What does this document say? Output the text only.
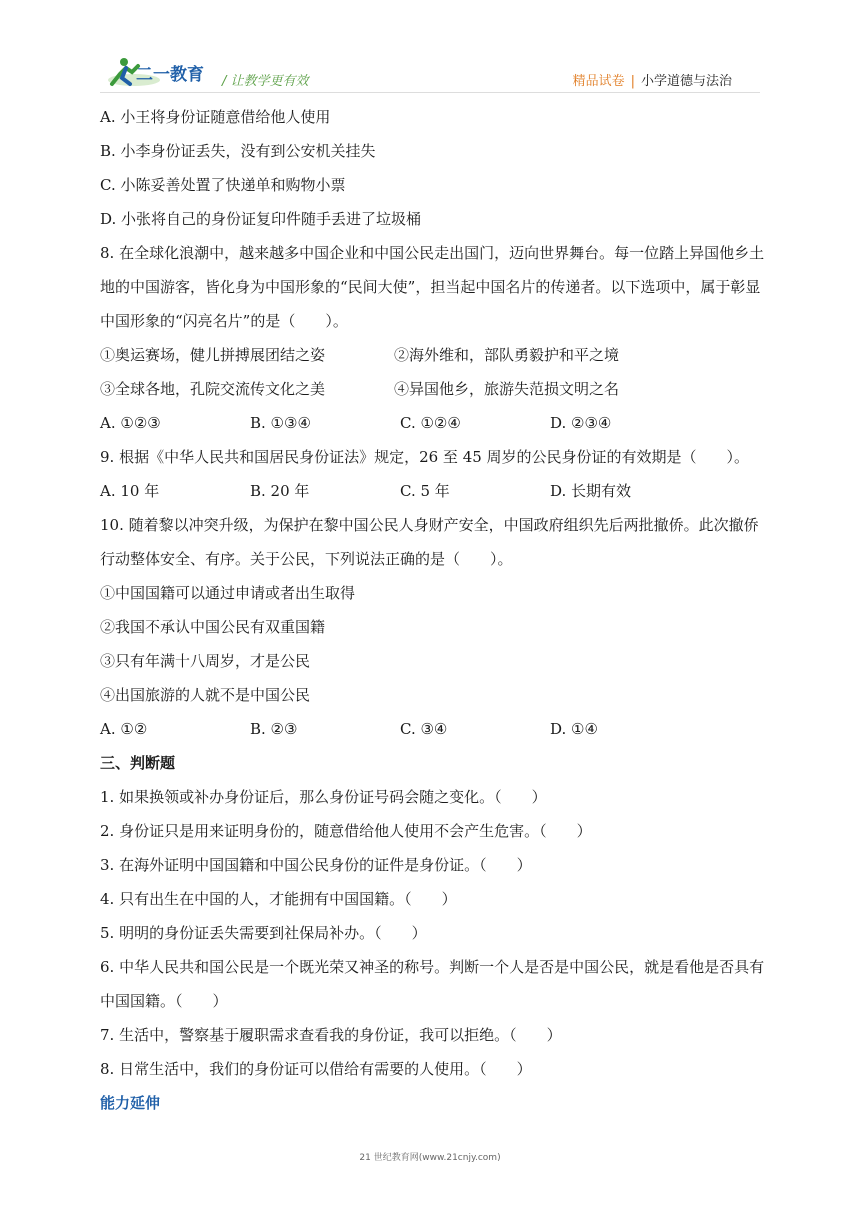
二一教育 / 让教学更有效	精品试卷 | 小学道德与法治
A. 小王将身份证随意借给他人使用
B. 小李身份证丢失，没有到公安机关挂失
C. 小陈妥善处置了快递单和购物小票
D. 小张将自己的身份证复印件随手丢进了垃圾桶
8. 在全球化浪潮中，越来越多中国企业和中国公民走出国门，迈向世界舞台。每一位踏上异国他乡土地的中国游客，皆化身为中国形象的“民间大使”，担当起中国名片的传递者。以下选项中，属于彰显中国形象的“闪亮名片”的是（　　）。
①奥运赛场，健儿拼搏展团结之姿	②海外维和，部队勇毅护和平之境
③全球各地，孔院交流传文化之美	④异国他乡，旅游失范损文明之名
A. ①②③	B. ①③④	C. ①②④	D. ②③④
9. 根据《中华人民共和国居民身份证法》规定，26 至 45 周岁的公民身份证的有效期是（　　）。
A. 10 年	B. 20 年	C. 5 年	D. 长期有效
10. 随着黎以冲突升级，为保护在黎中国公民人身财产安全，中国政府组织先后两批撤侨。此次撤侨行动整体安全、有序。关于公民，下列说法正确的是（　　）。
①中国国籍可以通过申请或者出生取得
②我国不承认中国公民有双重国籍
③只有年满十八周岁，才是公民
④出国旅游的人就不是中国公民
A. ①②	B. ②③	C. ③④	D. ①④
三、判断题
1. 如果换领或补办身份证后，那么身份证号码会随之变化。（　　）
2. 身份证只是用来证明身份的，随意借给他人使用不会产生危害。（　　）
3. 在海外证明中国国籍和中国公民身份的证件是身份证。（　　）
4. 只有出生在中国的人，才能拥有中国国籍。（　　）
5. 明明的身份证丢失需要到社保局补办。（　　）
6. 中华人民共和国公民是一个既光荣又神圣的称号。判断一个人是否是中国公民，就是看他是否具有中国国籍。（　　）
7. 生活中，警察基于履职需求查看我的身份证，我可以拒绝。（　　）
8. 日常生活中，我们的身份证可以借给有需要的人使用。（　　）
能力延伸
21 世纪教育网(www.21cnjy.com)
